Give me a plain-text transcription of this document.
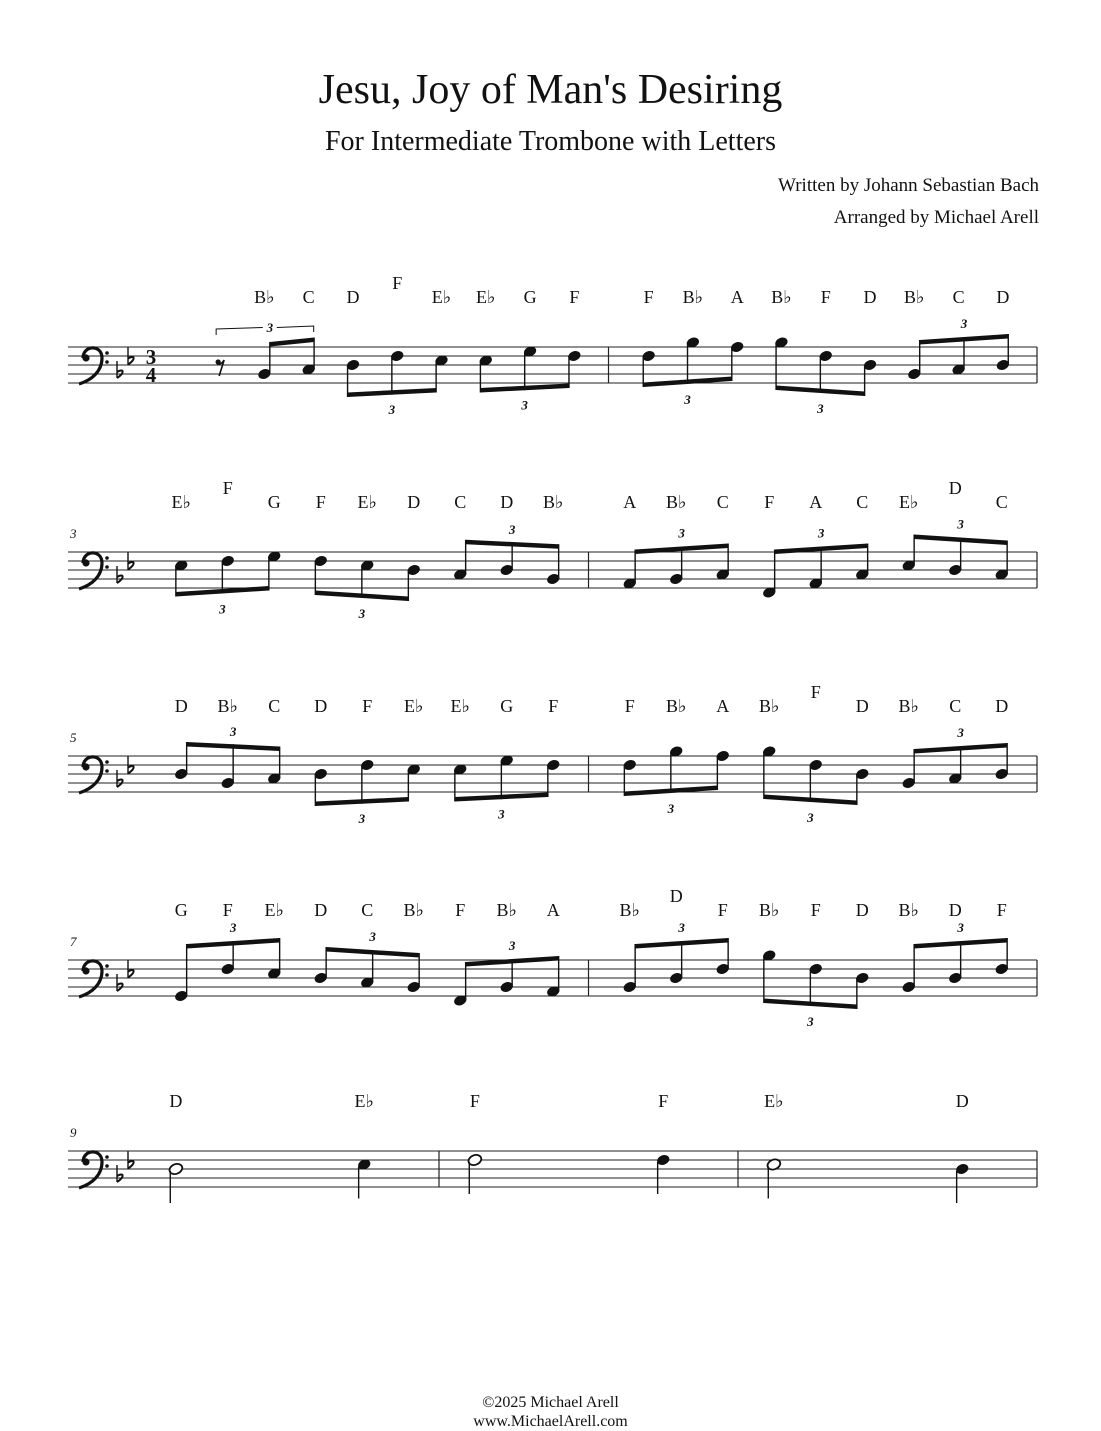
Jesu, Joy of Man's Desiring
For Intermediate Trombone with Letters
Written by Johann Sebastian Bach
Arranged by Michael Arell
3
4
B♭ C D
F
E♭ E♭ G F
3
3	3
F B♭ A B♭ F D B♭ C D
3
3
3
3
E♭
F
G F E♭ D C D B♭
3	3
3
A B♭ C F A C E♭
D
C
3	3
3
5
D B♭ C D F E♭ E♭ G F
3
3	3
F B♭ A B♭
F
D B♭ C D
3
3
3
7
G F E♭ D C B♭ F B♭ A
3
3
3
B♭
D
F B♭ F D B♭ D F
3
3
3
9
D	E♭	F	F	E♭	D
©2025 Michael Arell
www.MichaelArell.com
